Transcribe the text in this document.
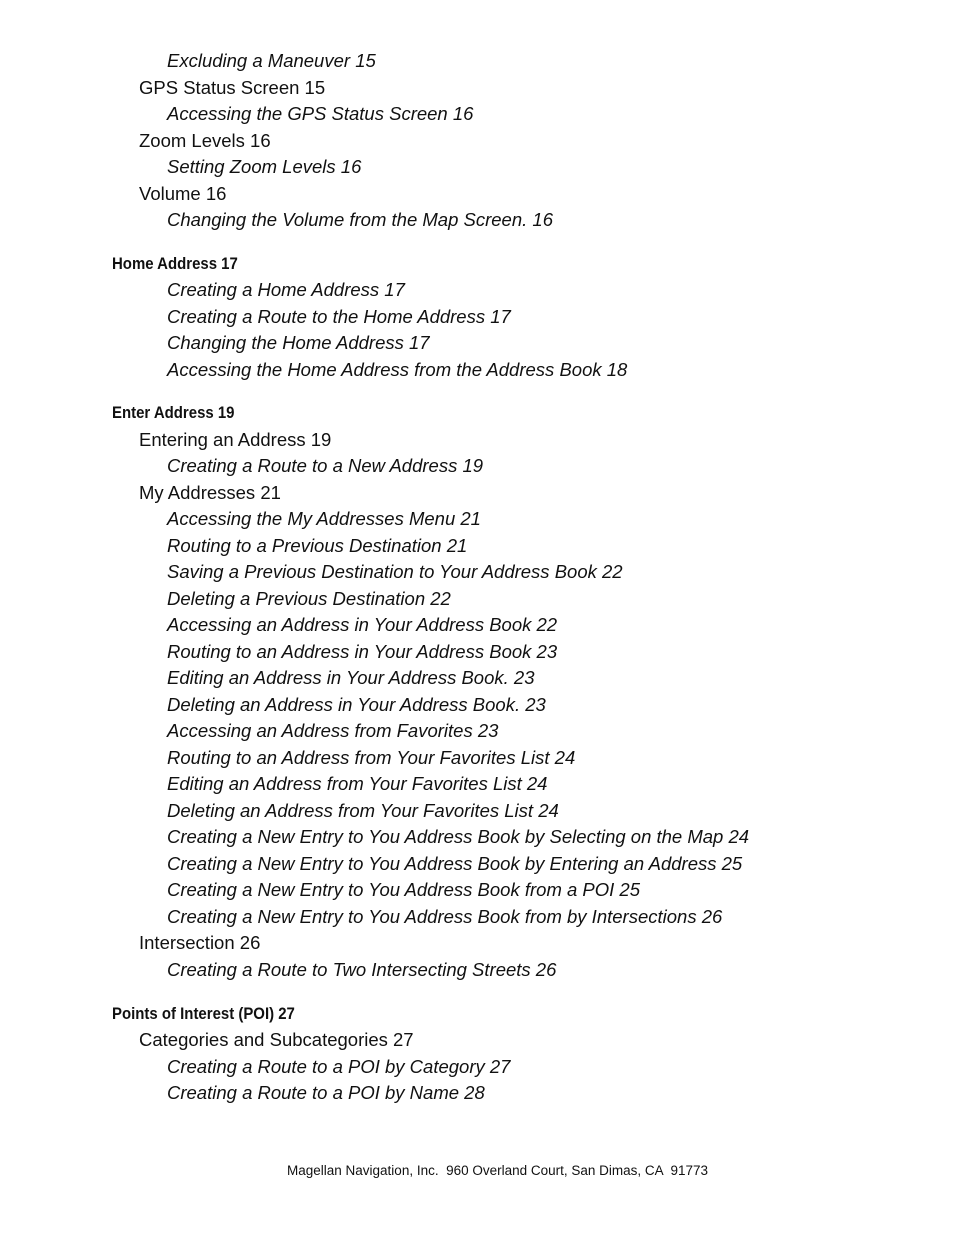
Excluding a Maneuver 15
GPS Status Screen 15
Accessing the GPS Status Screen 16
Zoom Levels 16
Setting Zoom Levels 16
Volume 16
Changing the Volume from the Map Screen. 16
Home Address 17
Creating a Home Address 17
Creating a Route to the Home Address 17
Changing the Home Address 17
Accessing the Home Address from the Address Book 18
Enter Address 19
Entering an Address 19
Creating a Route to a New Address 19
My Addresses 21
Accessing the My Addresses Menu 21
Routing to a Previous Destination 21
Saving a Previous Destination to Your Address Book 22
Deleting a Previous Destination 22
Accessing an Address in Your Address Book 22
Routing to an Address in Your Address Book 23
Editing an Address in Your Address Book. 23
Deleting an Address in Your Address Book. 23
Accessing an Address from Favorites 23
Routing to an Address from Your Favorites List 24
Editing an Address from Your Favorites List 24
Deleting an Address from Your Favorites List 24
Creating a New Entry to You Address Book by Selecting on the Map 24
Creating a New Entry to You Address Book by Entering an Address 25
Creating a New Entry to You Address Book from a POI 25
Creating a New Entry to You Address Book from by Intersections 26
Intersection 26
Creating a Route to Two Intersecting Streets 26
Points of Interest (POI) 27
Categories and Subcategories 27
Creating a Route to a POI by Category 27
Creating a Route to a POI by Name 28
Magellan Navigation, Inc.  960 Overland Court, San Dimas, CA  91773
